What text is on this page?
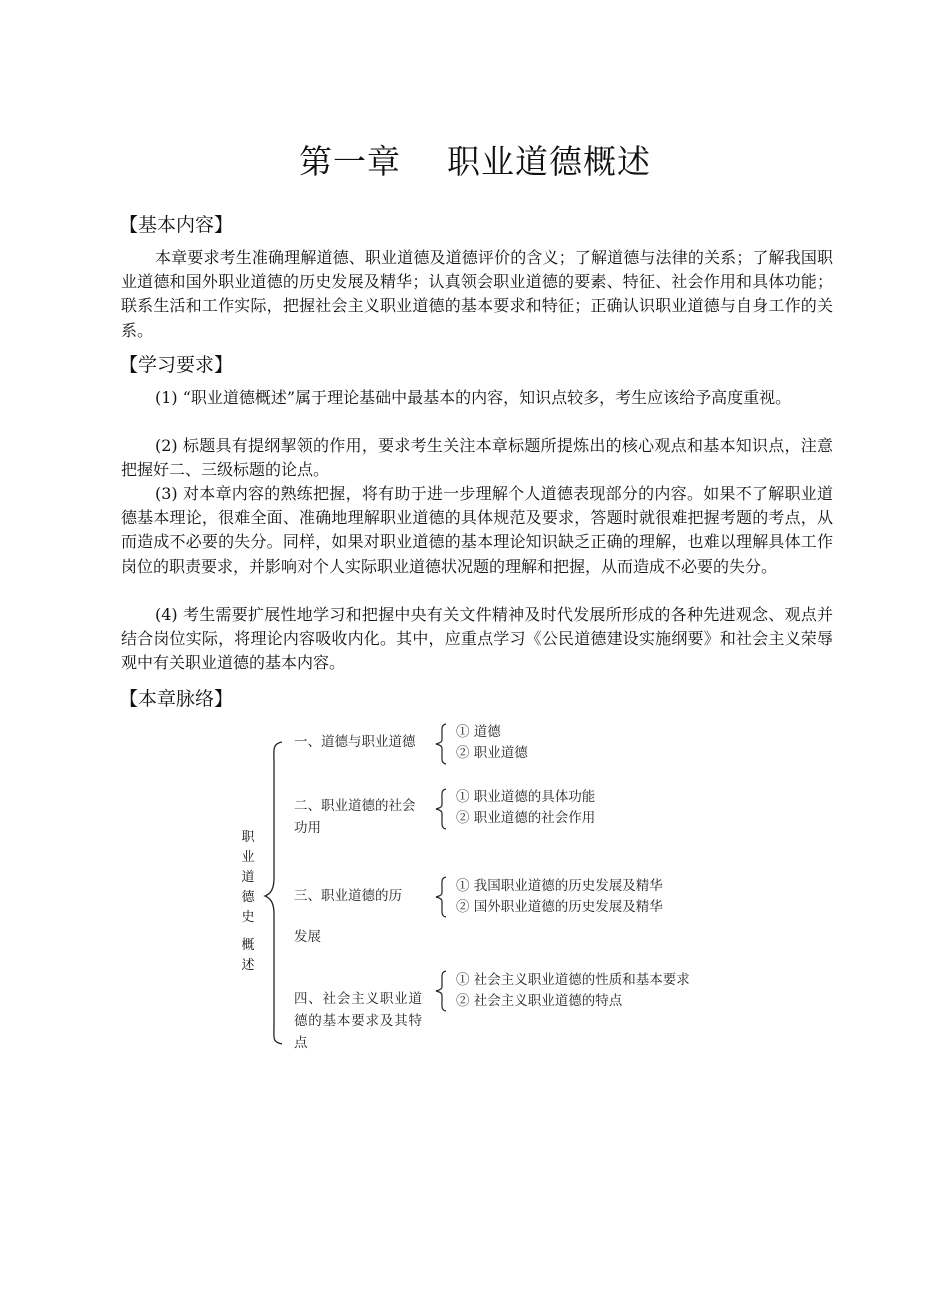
第一章    职业道德概述
【基本内容】
本章要求考生准确理解道德、职业道德及道德评价的含义；了解道德与法律的关系；了解我国职业道德和国外职业道德的历史发展及精华；认真领会职业道德的要素、特征、社会作用和具体功能；联系生活和工作实际，把握社会主义职业道德的基本要求和特征；正确认识职业道德与自身工作的关系。
【学习要求】
(1) “职业道德概述”属于理论基础中最基本的内容，知识点较多，考生应该给予高度重视。
(2) 标题具有提纲挈领的作用，要求考生关注本章标题所提炼出的核心观点和基本知识点，注意把握好二、三级标题的论点。
(3) 对本章内容的熟练把握，将有助于进一步理解个人道德表现部分的内容。如果不了解职业道德基本理论，很难全面、准确地理解职业道德的具体规范及要求，答题时就很难把握考题的考点，从而造成不必要的失分。同样，如果对职业道德的基本理论知识缺乏正确的理解，也难以理解具体工作岗位的职责要求，并影响对个人实际职业道德状况题的理解和把握，从而造成不必要的失分。
(4) 考生需要扩展性地学习和把握中央有关文件精神及时代发展所形成的各种先进观念、观点并结合岗位实际，将理论内容吸收内化。其中，应重点学习《公民道德建设实施纲要》和社会主义荣辱观中有关职业道德的基本内容。
【本章脉络】
职
业
道
德
史
概
述
一、道德与职业道德
① 道德
② 职业道德
二、职业道德的社会功用
① 职业道德的具体功能
② 职业道德的社会作用
三、职业道德的历
发展
① 我国职业道德的历史发展及精华
② 国外职业道德的历史发展及精华
四、社会主义职业道德的基本要求及其特点
① 社会主义职业道德的性质和基本要求
② 社会主义职业道德的特点
